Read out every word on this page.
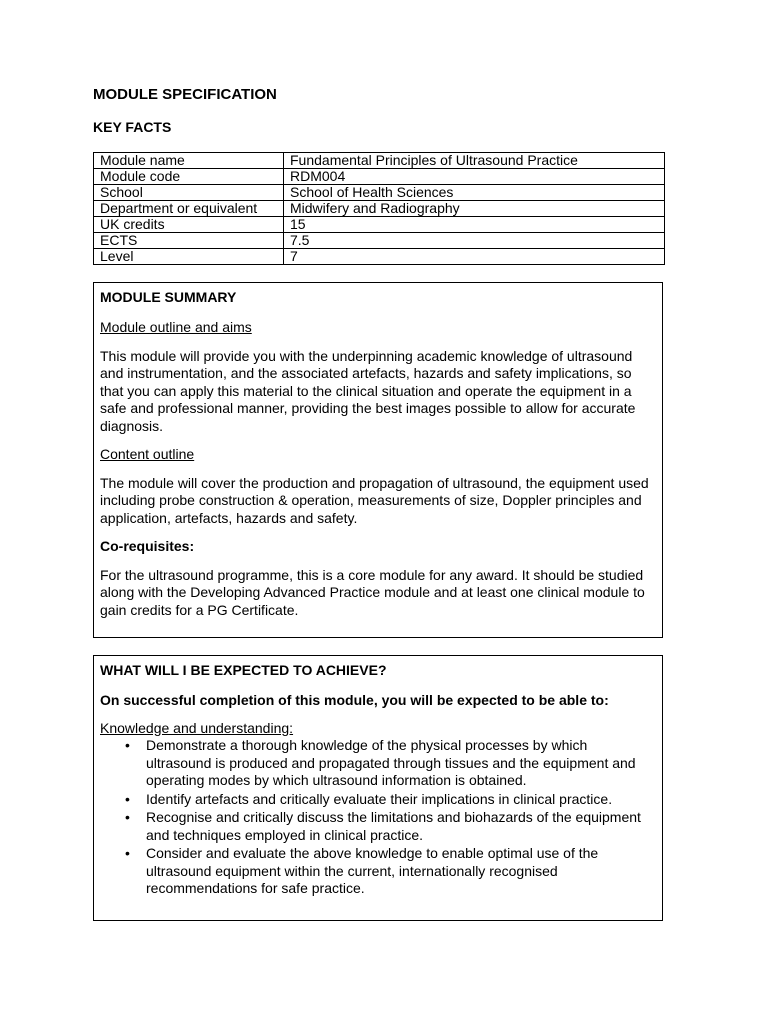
MODULE SPECIFICATION
KEY FACTS
Module name	Fundamental Principles of Ultrasound Practice
Module code	RDM004
School	School of Health Sciences
Department or equivalent	Midwifery and Radiography
UK credits	15
ECTS	7.5
Level	7
MODULE SUMMARY

Module outline and aims

This module will provide you with the underpinning academic knowledge of ultrasound and instrumentation, and the associated artefacts, hazards and safety implications, so that you can apply this material to the clinical situation and operate the equipment in a safe and professional manner, providing the best images possible to allow for accurate diagnosis.

Content outline

The module will cover the production and propagation of ultrasound, the equipment used including probe construction & operation, measurements of size, Doppler principles and application, artefacts, hazards and safety.

Co-requisites:

For the ultrasound programme, this is a core module for any award. It should be studied along with the Developing Advanced Practice module and at least one clinical module to gain credits for a PG Certificate.

WHAT WILL I BE EXPECTED TO ACHIEVE?

On successful completion of this module, you will be expected to be able to:

Knowledge and understanding:
• Demonstrate a thorough knowledge of the physical processes by which ultrasound is produced and propagated through tissues and the equipment and operating modes by which ultrasound information is obtained.
• Identify artefacts and critically evaluate their implications in clinical practice.
• Recognise and critically discuss the limitations and biohazards of the equipment and techniques employed in clinical practice.
• Consider and evaluate the above knowledge to enable optimal use of the ultrasound equipment within the current, internationally recognised recommendations for safe practice.
